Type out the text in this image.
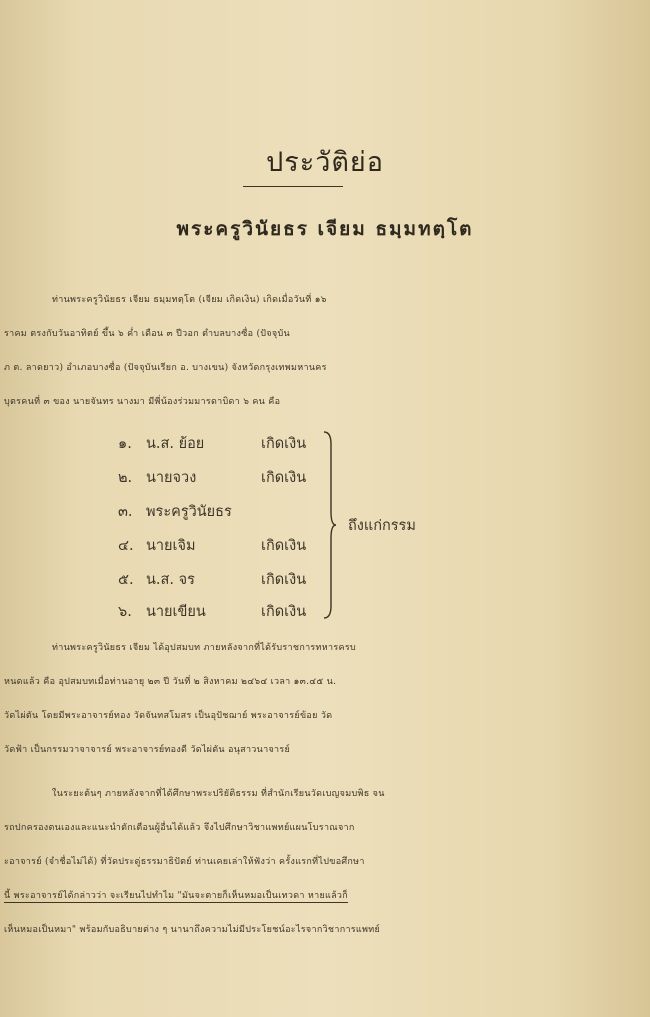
ประวัติย่อ
พระครูวินัยธร เจียม ธมฺมทตฺโต
ท่านพระครูวินัยธร เจียม ธมฺมทตฺโต (เจียม เกิดเงิน) เกิดเมื่อวันที่ ๑๖
ราคม ตรงกับวันอาทิตย์ ขึ้น ๖ ค่ำ เดือน ๓ ปีวอก ตำบลบางซื่อ (ปัจจุบัน
ภ ต. ลาดยาว) อำเภอบางซื่อ (ปัจจุบันเรียก อ. บางเขน) จังหวัดกรุงเทพมหานคร
บุตรคนที่ ๓ ของ นายจันทร นางมา มีพี่น้องร่วมมารดาบิดา ๖ คน คือ
๑. น.ส. ย้อย	เกิดเงิน
๒. นายจวง	เกิดเงิน
๓. พระครูวินัยธร
๔. นายเจิม	เกิดเงิน
๕. น.ส. จร	เกิดเงิน
๖. นายเขียน	เกิดเงิน
ถึงแก่กรรม
ท่านพระครูวินัยธร เจียม ได้อุปสมบท ภายหลังจากที่ได้รับราชการทหารครบ
หนดแล้ว คือ อุปสมบทเมื่อท่านอายุ ๒๓ ปี วันที่ ๒ สิงหาคม ๒๔๖๔ เวลา ๑๓.๔๕ น.
วัดไผ่ตัน โดยมีพระอาจารย์ทอง วัดจันทสโมสร เป็นอุปัชฌาย์ พระอาจารย์ข้อย วัด
วัดฟ้า เป็นกรรมวาจาจารย์ พระอาจารย์ทองดี วัดไผ่ตัน อนุสาวนาจารย์
ในระยะต้นๆ ภายหลังจากที่ได้ศึกษาพระปริยัติธรรม ที่สำนักเรียนวัดเบญจมบพิธ จน
รถปกครองตนเองและแนะนำตักเตือนผู้อื่นได้แล้ว จึงไปศึกษาวิชาแพทย์แผนโบราณจาก
ะอาจารย์ (จำชื่อไม่ได้) ที่วัดประดู่ธรรมาธิปัตย์ ท่านเคยเล่าให้ฟังว่า ครั้งแรกที่ไปขอศึกษา
นี้ พระอาจารย์ได้กล่าวว่า จะเรียนไปทำไม "มันจะตายก็เห็นหมอเป็นเทวดา หายแล้วก็
เห็นหมอเป็นหมา" พร้อมกับอธิบายต่าง ๆ นานาถึงความไม่มีประโยชน์อะไรจากวิชาการแพทย์
